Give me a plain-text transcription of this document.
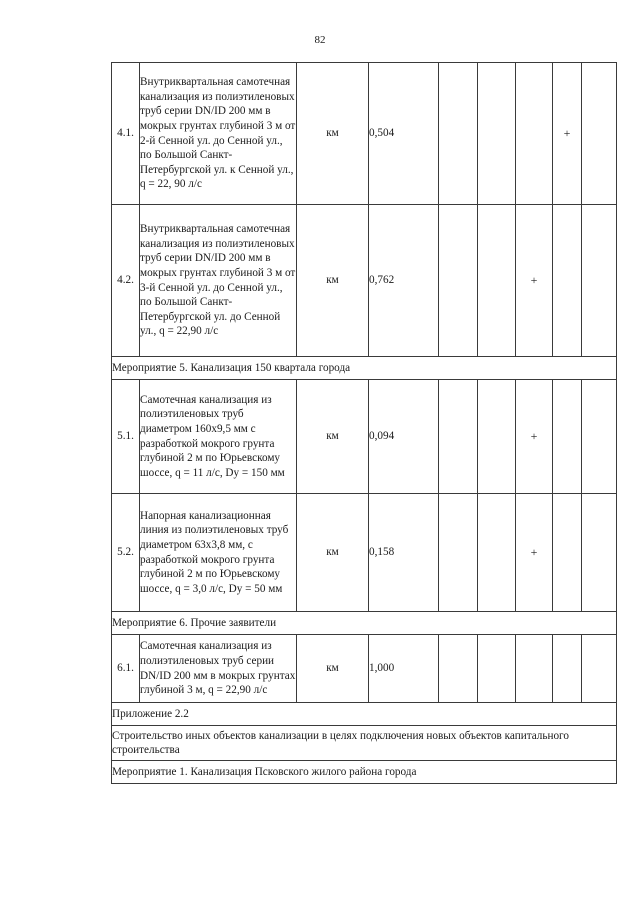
82
4.1.	Внутриквартальная самотечная канализация из полиэтиленовых труб серии DN/ID 200 мм в мокрых грунтах глубиной 3 м от 2-й Сенной ул. до Сенной ул., по Большой Санкт-Петербургской ул. к Сенной ул., q = 22, 90 л/с	км	0,504				+	
4.2.	Внутриквартальная самотечная канализация из полиэтиленовых труб серии DN/ID 200 мм в мокрых грунтах глубиной 3 м от 3-й Сенной ул. до Сенной ул., по Большой Санкт-Петербургской ул. до Сенной ул., q = 22,90 л/с	км	0,762			+		
Мероприятие 5. Канализация 150 квартала города								
5.1.	Самотечная канализация из полиэтиленовых труб диаметром 160х9,5 мм с разработкой мокрого грунта глубиной 2 м по Юрьевскому шоссе, q = 11 л/с, Dy = 150 мм	км	0,094			+		
5.2.	Напорная канализационная линия из полиэтиленовых труб диаметром 63х3,8 мм, с разработкой мокрого грунта глубиной 2 м по Юрьевскому шоссе, q = 3,0 л/с, Dy = 50 мм	км	0,158			+		
Мероприятие 6. Прочие заявители								
6.1.	Самотечная канализация из полиэтиленовых труб серии DN/ID 200 мм в мокрых грунтах глубиной 3 м, q = 22,90 л/с	км	1,000					
Приложение 2.2								
Строительство иных объектов канализации в целях подключения новых объектов капитального строительства								
Мероприятие 1. Канализация Псковского жилого района города								
